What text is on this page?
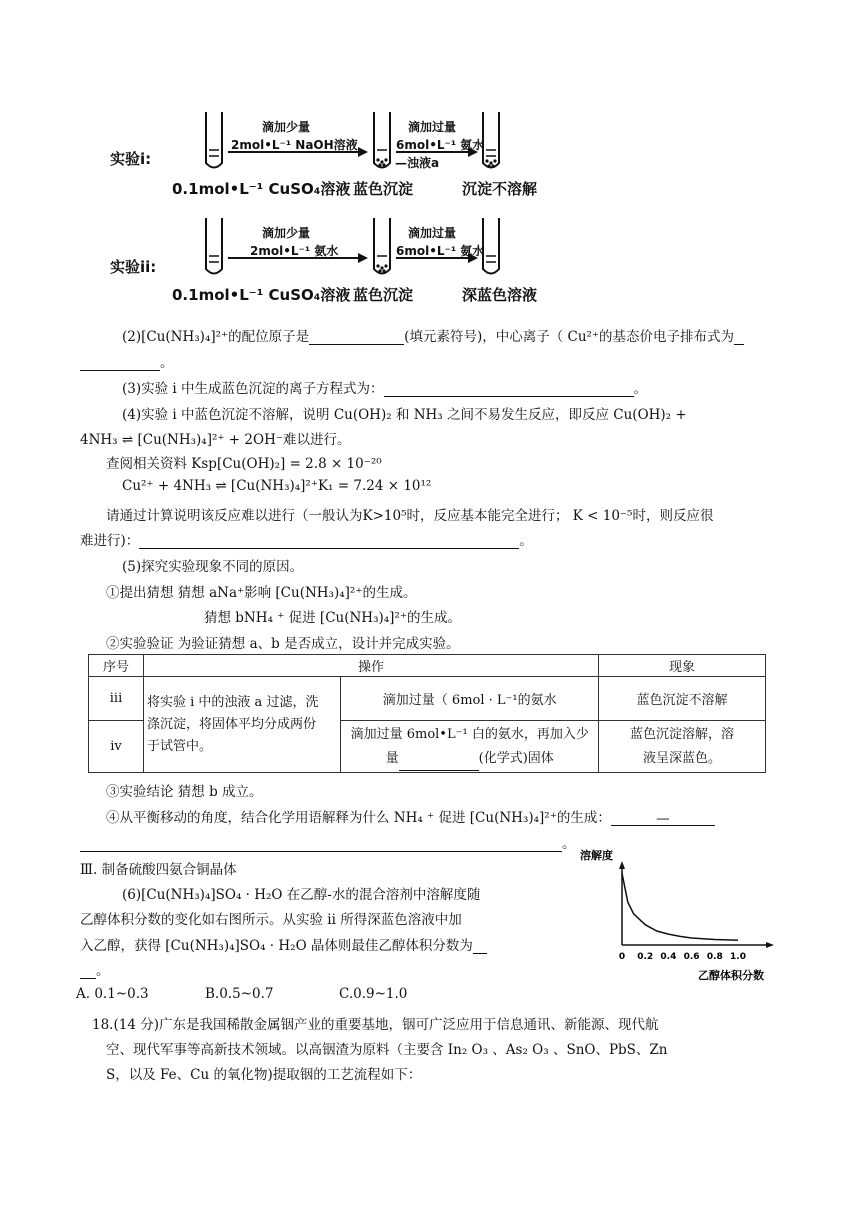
实验i:
实验ii:
滴加少量
2mol•L⁻¹ NaOH溶液
滴加过量
6mol•L⁻¹ 氨水
—浊液a
0.1mol•L⁻¹ CuSO₄溶液 蓝色沉淀	沉淀不溶解
滴加少量
2mol•L⁻¹ 氨水
滴加过量
6mol•L⁻¹ 氨水
0.1mol•L⁻¹ CuSO₄溶液 蓝色沉淀	深蓝色溶液
(2)[Cu(NH₃)₄]²⁺的配位原子是	(填元素符号)，中心离子（ Cu²⁺的基态价电子排布式为
。
(3)实验 i 中生成蓝色沉淀的离子方程式为：	。
(4)实验 i 中蓝色沉淀不溶解，说明 Cu(OH)₂ 和 NH₃ 之间不易发生反应，即反应 Cu(OH)₂ +
4NH₃ ⇌ [Cu(NH₃)₄]²⁺ + 2OH⁻难以进行。
查阅相关资料 Ksp[Cu(OH)₂] = 2.8 × 10⁻²⁰
Cu²⁺ + 4NH₃ ⇌ [Cu(NH₃)₄]²⁺K₁ = 7.24 × 10¹²
请通过计算说明该反应难以进行（一般认为K>10⁵时，反应基本能完全进行； K < 10⁻⁵时，则反应很
难进行)：	。
(5)探究实验现象不同的原因。
①提出猜想 猜想 aNa⁺影响 [Cu(NH₃)₄]²⁺的生成。
猜想 bNH₄ ⁺ 促进 [Cu(NH₃)₄]²⁺的生成。
②实验验证 为验证猜想 a、b 是否成立，设计并完成实验。
序号	操作		现象
iii	将实验 i 中的浊液 a 过滤，洗
涤沉淀，将固体平均分成两份
于试管中。	滴加过量（ 6mol · L⁻¹的氨水	蓝色沉淀不溶解
iv		滴加过量 6mol•L⁻¹ 白的氨水，再加入少
量 (化学式)固体	蓝色沉淀溶解，溶
液呈深蓝色。
③实验结论 猜想 b 成立。
④从平衡移动的角度，结合化学用语解释为什么 NH₄ ⁺ 促进 [Cu(NH₃)₄]²⁺的生成：	—
。
Ⅲ. 制备硫酸四氨合铜晶体
(6)[Cu(NH₃)₄]SO₄ · H₂O 在乙醇-水的混合溶剂中溶解度随
乙醇体积分数的变化如右图所示。从实验 ii 所得深蓝色溶液中加
入乙醇，获得 [Cu(NH₃)₄]SO₄ · H₂O 晶体则最佳乙醇体积分数为
。
A. 0.1~0.3	B.0.5~0.7	C.0.9~1.0
溶解度
0 0.2 0.4 0.6 0.8 1.0
乙醇体积分数
18.(14 分)广东是我国稀散金属铟产业的重要基地，铟可广泛应用于信息通讯、新能源、现代航
空、现代军事等高新技术领域。以高铟渣为原料（主要含 In₂ O₃ 、As₂ O₃ 、SnO、PbS、Zn
S，以及 Fe、Cu 的氧化物)提取铟的工艺流程如下：
